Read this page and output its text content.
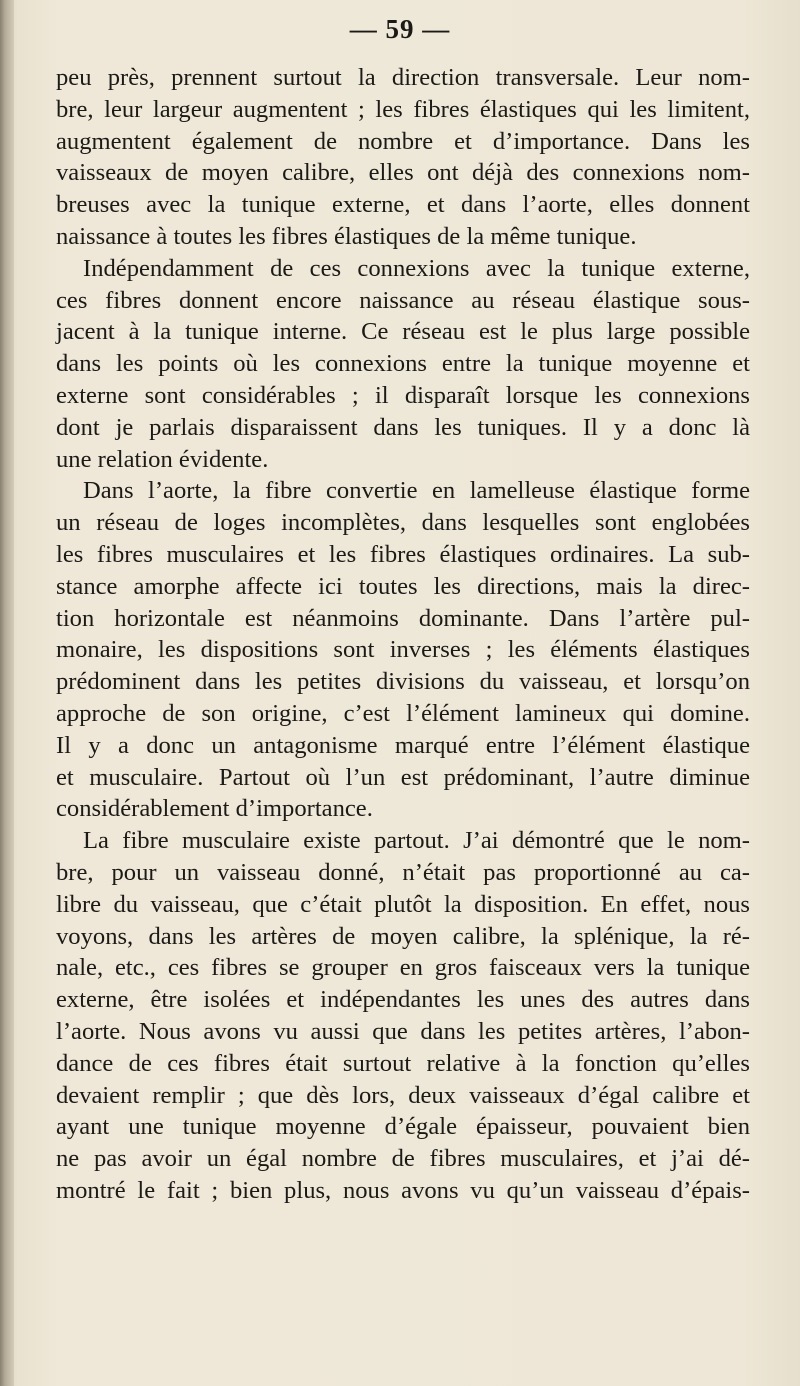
— 59 —
peu près, prennent surtout la direction transversale. Leur nom-
bre, leur largeur augmentent ; les fibres élastiques qui les limitent,
augmentent également de nombre et d’importance. Dans les
vaisseaux de moyen calibre, elles ont déjà des connexions nom-
breuses avec la tunique externe, et dans l’aorte, elles donnent
naissance à toutes les fibres élastiques de la même tunique.
Indépendamment de ces connexions avec la tunique externe,
ces fibres donnent encore naissance au réseau élastique sous-
jacent à la tunique interne. Ce réseau est le plus large possible
dans les points où les connexions entre la tunique moyenne et
externe sont considérables ; il disparaît lorsque les connexions
dont je parlais disparaissent dans les tuniques. Il y a donc là
une relation évidente.
Dans l’aorte, la fibre convertie en lamelleuse élastique forme
un réseau de loges incomplètes, dans lesquelles sont englobées
les fibres musculaires et les fibres élastiques ordinaires. La sub-
stance amorphe affecte ici toutes les directions, mais la direc-
tion horizontale est néanmoins dominante. Dans l’artère pul-
monaire, les dispositions sont inverses ; les éléments élastiques
prédominent dans les petites divisions du vaisseau, et lorsqu’on
approche de son origine, c’est l’élément lamineux qui domine.
Il y a donc un antagonisme marqué entre l’élément élastique
et musculaire. Partout où l’un est prédominant, l’autre diminue
considérablement d’importance.
La fibre musculaire existe partout. J’ai démontré que le nom-
bre, pour un vaisseau donné, n’était pas proportionné au ca-
libre du vaisseau, que c’était plutôt la disposition. En effet, nous
voyons, dans les artères de moyen calibre, la splénique, la ré-
nale, etc., ces fibres se grouper en gros faisceaux vers la tunique
externe, être isolées et indépendantes les unes des autres dans
l’aorte. Nous avons vu aussi que dans les petites artères, l’abon-
dance de ces fibres était surtout relative à la fonction qu’elles
devaient remplir ; que dès lors, deux vaisseaux d’égal calibre et
ayant une tunique moyenne d’égale épaisseur, pouvaient bien
ne pas avoir un égal nombre de fibres musculaires, et j’ai dé-
montré le fait ; bien plus, nous avons vu qu’un vaisseau d’épais-
